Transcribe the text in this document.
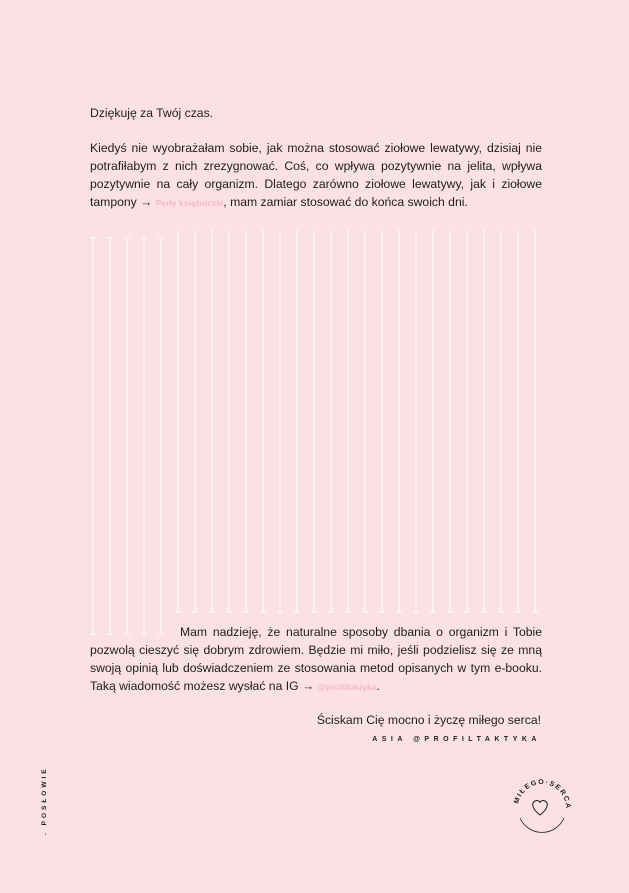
Dziękuję za Twój czas.

Kiedyś nie wyobrażałam sobie, jak można stosować ziołowe lewatywy, dzisiaj nie potrafiłabym z nich zrezygnować. Coś, co wpływa pozytywnie na jelita, wpływa pozytywnie na cały organizm. Dlatego zarówno ziołowe lewatywy, jak i ziołowe tampony → Perły księżniczki, mam zamiar stosować do końca swoich dni.

Mam nadzieję, że naturalne sposoby dbania o organizm i Tobie pozwolą cieszyć się dobrym zdrowiem. Będzie mi miło, jeśli podzielisz się ze mną swoją opinią lub doświadczeniem ze stosowania metod opisanych w tym e-booku. Taką wiadomość możesz wysłać na IG → @profiltaktyka.

Ściskam Cię mocno i życzę miłego serca!
ASIA @PROFILTAKTYKA
. POSŁOWIE	MIŁEGO·SERCA
